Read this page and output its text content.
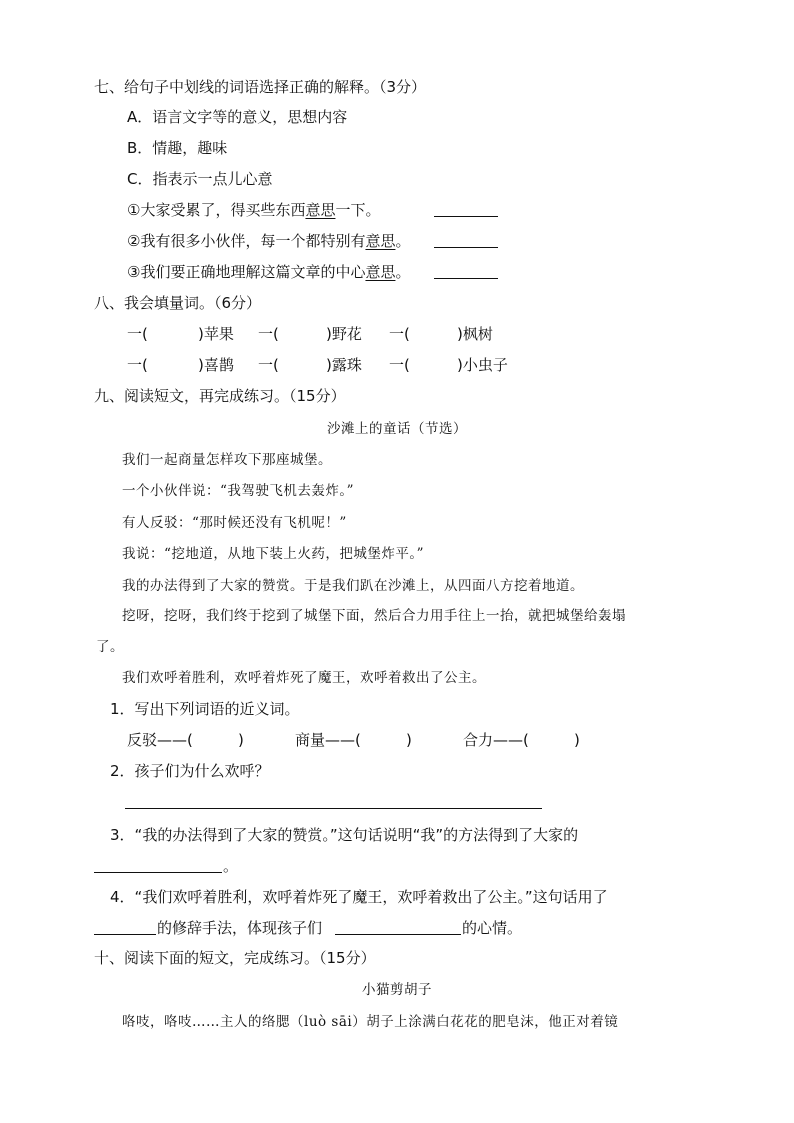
七、给句子中划线的词语选择正确的解释。（3分）
A．语言文字等的意义，思想内容
B．情趣，趣味
C．指表示一点儿心意
①大家受累了，得买些东西意思一下。
②我有很多小伙伴，每一个都特别有意思。
③我们要正确地理解这篇文章的中心意思。
八、我会填量词。（6分）
一(	)苹果 一(	)野花 一(	)枫树
一(	)喜鹊 一(	)露珠 一(	)小虫子
九、阅读短文，再完成练习。（15分）
沙滩上的童话（节选）
我们一起商量怎样攻下那座城堡。
一个小伙伴说：“我驾驶飞机去轰炸。”
有人反驳：“那时候还没有飞机呢！”
我说：“挖地道，从地下装上火药，把城堡炸平。”
我的办法得到了大家的赞赏。于是我们趴在沙滩上，从四面八方挖着地道。
挖呀，挖呀，我们终于挖到了城堡下面，然后合力用手往上一抬，就把城堡给轰塌
了。
我们欢呼着胜利，欢呼着炸死了魔王，欢呼着救出了公主。
1．写出下列词语的近义词。
反驳——(	)	商量——(	)	合力——(	)
2．孩子们为什么欢呼？
3．“我的办法得到了大家的赞赏。”这句话说明“我”的方法得到了大家的
。
4．“我们欢呼着胜利，欢呼着炸死了魔王，欢呼着救出了公主。”这句话用了
的修辞手法，体现孩子们	的心情。
十、阅读下面的短文，完成练习。（15分）
小猫剪胡子
咯吱，咯吱……主人的络腮（luò sāi）胡子上涂满白花花的肥皂沫，他正对着镜
